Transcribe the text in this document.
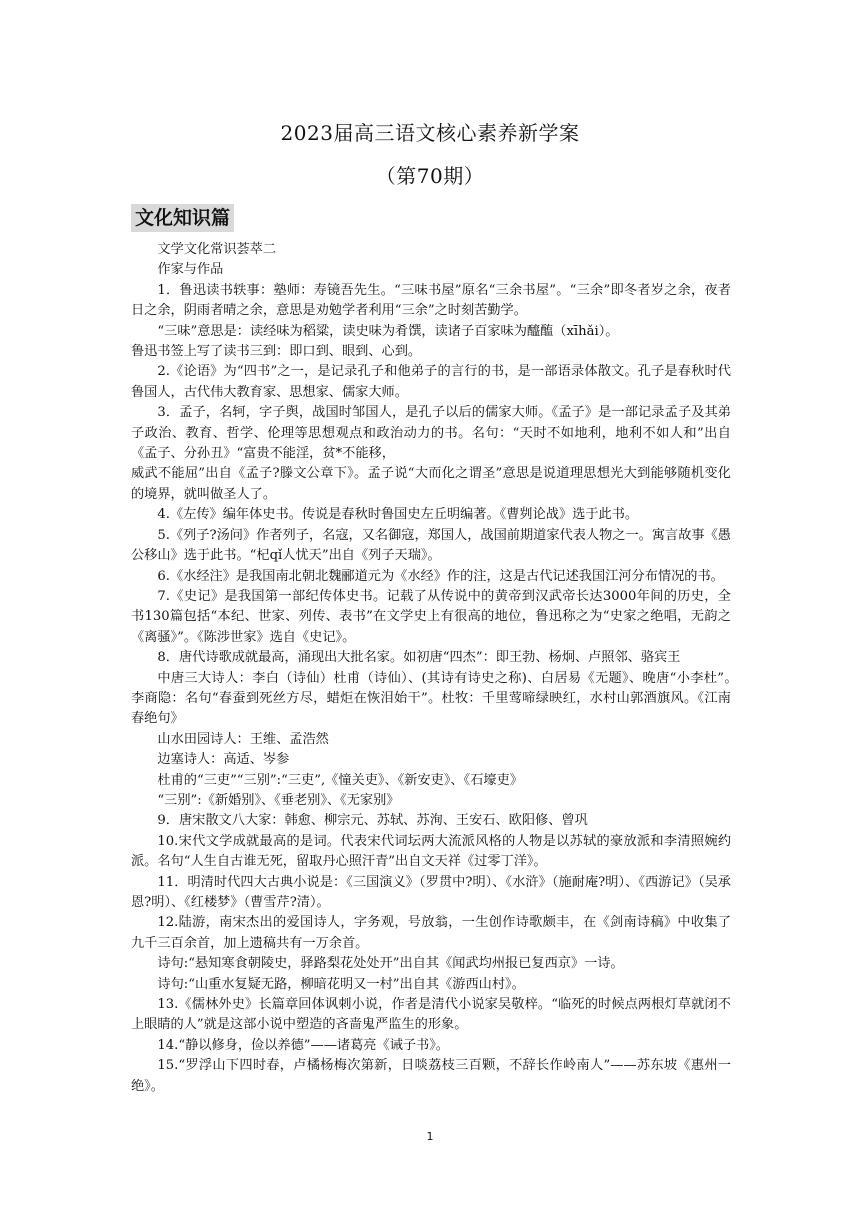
2023届高三语文核心素养新学案
（第70期）
文化知识篇

文学文化常识荟萃二

作家与作品

1．鲁迅读书轶事：塾师：寿镜吾先生。“三味书屋”原名“三余书屋”。“三余”即冬者岁之余，夜者日之余，阴雨者晴之余，意思是劝勉学者利用“三余”之时刻苦勤学。

“三味”意思是：读经味为稻粱，读史味为肴馔，读诸子百家味为醯醢（xīhǎi）。

鲁迅书签上写了读书三到：即口到、眼到、心到。

2.《论语》为“四书”之一，是记录孔子和他弟子的言行的书，是一部语录体散文。孔子是春秋时代鲁国人，古代伟大教育家、思想家、儒家大师。

3．孟子，名轲，字子舆，战国时邹国人，是孔子以后的儒家大师。《孟子》是一部记录孟子及其弟子政治、教育、哲学、伦理等思想观点和政治动力的书。名句：“天时不如地利，地利不如人和”出自《孟子、分孙丑》“富贵不能淫，贫*不能移，

威武不能屈”出自《孟子?滕文公章下》。孟子说“大而化之谓圣”意思是说道理思想光大到能够随机变化的境界，就叫做圣人了。

4.《左传》编年体史书。传说是春秋时鲁国史左丘明编著。《曹刿论战》选于此书。

5.《列子?汤问》作者列子，名寇，又名御寇，郑国人，战国前期道家代表人物之一。寓言故事《愚公移山》选于此书。“杞qǐ人忧天”出自《列子天瑞》。

6.《水经注》是我国南北朝北魏郦道元为《水经》作的注，这是古代记述我国江河分布情况的书。

7.《史记》是我国第一部纪传体史书。记载了从传说中的黄帝到汉武帝长达3000年间的历史，全书130篇包括“本纪、世家、列传、表书”在文学史上有很高的地位，鲁迅称之为“史家之绝唱，无韵之《离骚》”。《陈涉世家》选自《史记》。

8．唐代诗歌成就最高，涌现出大批名家。如初唐“四杰”：即王勃、杨炯、卢照邻、骆宾王

中唐三大诗人：李白（诗仙）杜甫（诗仙）、(其诗有诗史之称)、白居易《无题》、晚唐“小李杜”。　李商隐：名句“春蚕到死丝方尽，蜡炬在恢泪始干”。杜牧：千里莺啼绿映红，水村山郭酒旗风。《江南春绝句》

山水田园诗人：王维、孟浩然

边塞诗人：高适、岑参

杜甫的“三吏”“三别”:“三吏”,《憧关吏》、《新安吏》、《石壕吏》

“三别”:《新婚别》、《垂老别》、《无家别》

9．唐宋散文八大家：韩愈、柳宗元、苏轼、苏洵、王安石、欧阳修、曾巩

10.宋代文学成就最高的是词。代表宋代词坛两大流派风格的人物是以苏轼的豪放派和李清照婉约派。名句“人生自古谁无死，留取丹心照汗青”出自文天祥《过零丁洋》。

11．明清时代四大古典小说是：《三国演义》（罗贯中?明）、《水浒》（施耐庵?明）、《西游记》（吴承恩?明）、《红楼梦》（曹雪芹?清）。

12.陆游，南宋杰出的爱国诗人，字务观，号放翁，一生创作诗歌颇丰，在《剑南诗稿》中收集了九千三百余首，加上遗稿共有一万余首。

诗句:“悬知寒食朝陵史，驿路梨花处处开”出自其《闻武均州报已复西京》一诗。

诗句:“山重水复疑无路，柳暗花明又一村”出自其《游西山村》。

13.《儒林外史》长篇章回体讽刺小说，作者是清代小说家吴敬梓。“临死的时候点两根灯草就闭不上眼睛的人”就是这部小说中塑造的吝啬鬼严监生的形象。

14.“静以修身，俭以养德”——诸葛亮《诫子书》。

15.“罗浮山下四时春，卢橘杨梅次第新，日啖荔枝三百颗，不辞长作岭南人”——苏东坡《惠州一绝》。

1
